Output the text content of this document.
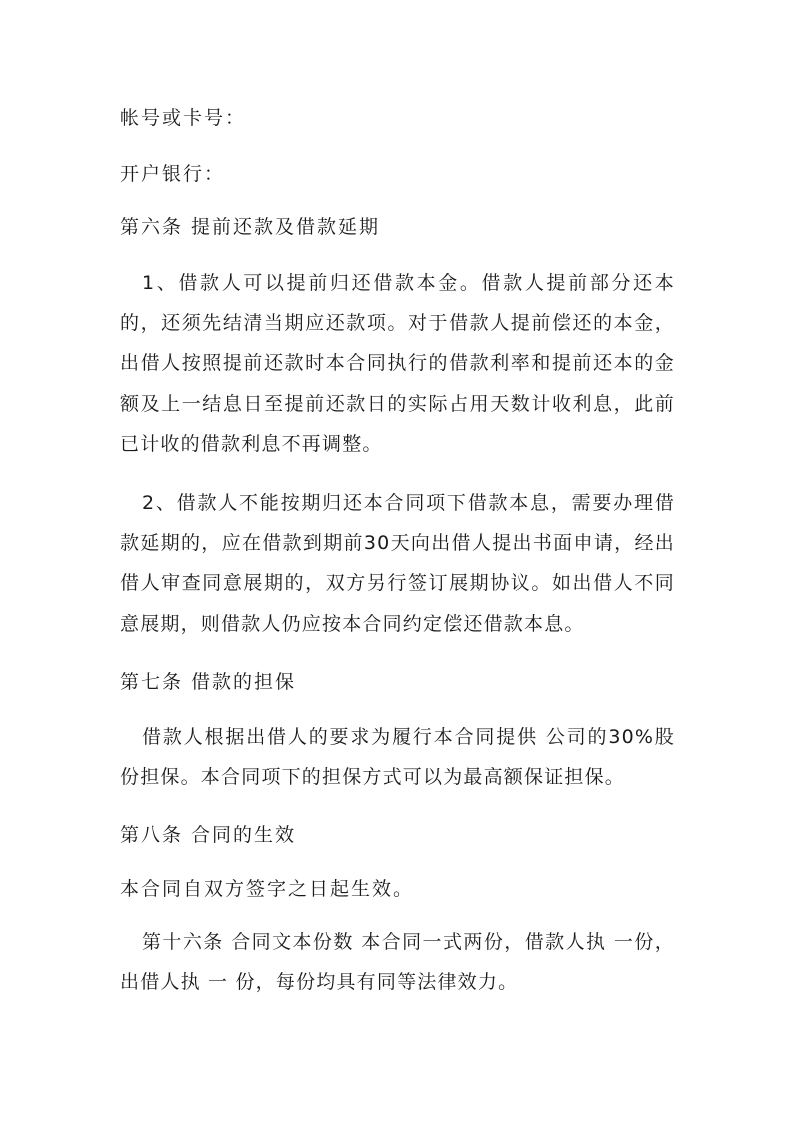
帐号或卡号：
开户银行：
第六条 提前还款及借款延期
1、借款人可以提前归还借款本金。借款人提前部分还本的，还须先结清当期应还款项。对于借款人提前偿还的本金，出借人按照提前还款时本合同执行的借款利率和提前还本的金额及上一结息日至提前还款日的实际占用天数计收利息，此前已计收的借款利息不再调整。
2、借款人不能按期归还本合同项下借款本息，需要办理借款延期的，应在借款到期前30天向出借人提出书面申请，经出借人审查同意展期的，双方另行签订展期协议。如出借人不同意展期，则借款人仍应按本合同约定偿还借款本息。
第七条 借款的担保
借款人根据出借人的要求为履行本合同提供 公司的30%股份担保。本合同项下的担保方式可以为最高额保证担保。
第八条 合同的生效
本合同自双方签字之日起生效。
第十六条 合同文本份数 本合同一式两份，借款人执 一份，出借人执 一 份，每份均具有同等法律效力。
